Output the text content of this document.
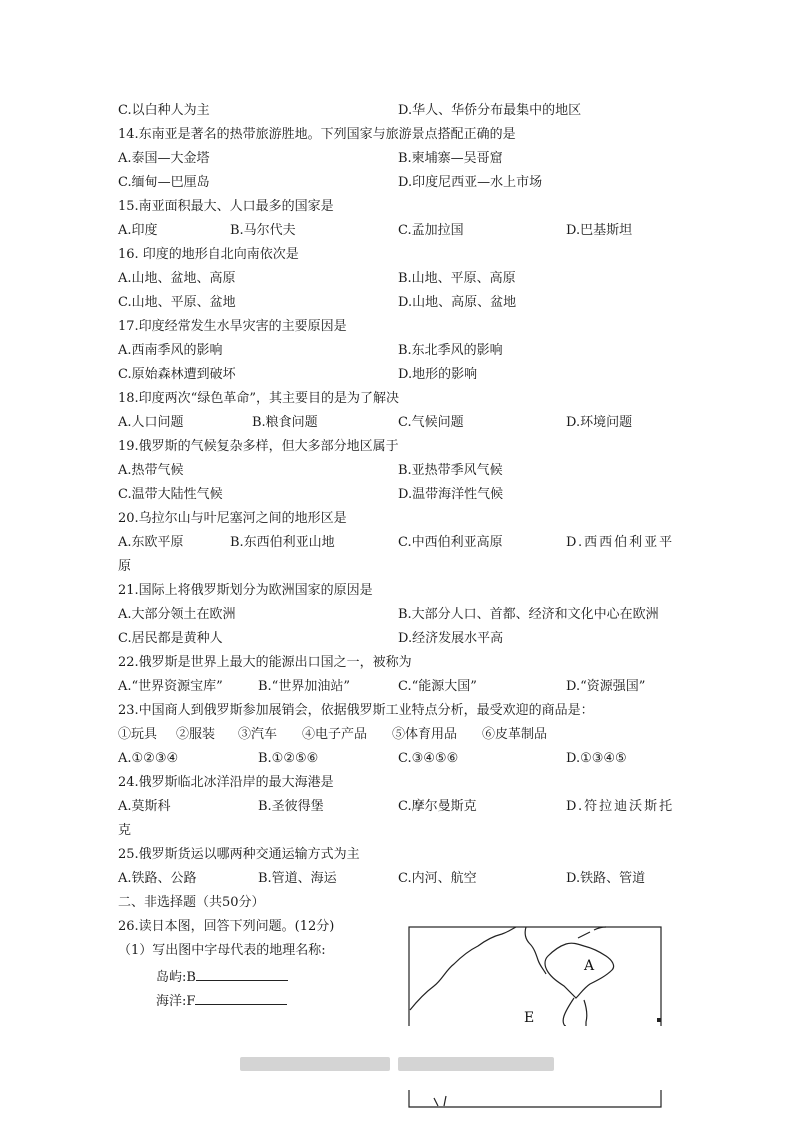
C.以白种人为主	D.华人、华侨分布最集中的地区
14.东南亚是著名的热带旅游胜地。下列国家与旅游景点搭配正确的是
A.泰国—大金塔	B.柬埔寨—吴哥窟
C.缅甸—巴厘岛	D.印度尼西亚—水上市场
15.南亚面积最大、人口最多的国家是
A.印度	B.马尔代夫	C.孟加拉国	D.巴基斯坦
16. 印度的地形自北向南依次是
A.山地、盆地、高原	B.山地、平原、高原
C.山地、平原、盆地	D.山地、高原、盆地
17.印度经常发生水旱灾害的主要原因是
A.西南季风的影响	B.东北季风的影响
C.原始森林遭到破坏	D.地形的影响
18.印度两次“绿色革命”，其主要目的是为了解决
A.人口问题	B.粮食问题	C.气候问题	D.环境问题
19.俄罗斯的气候复杂多样，但大多部分地区属于
A.热带气候	B.亚热带季风气候
C.温带大陆性气候	D.温带海洋性气候
20.乌拉尔山与叶尼塞河之间的地形区是
A.东欧平原	B.东西伯利亚山地	C.中西伯利亚高原	D.西西伯利亚平
原
21.国际上将俄罗斯划分为欧洲国家的原因是
A.大部分领土在欧洲	B.大部分人口、首都、经济和文化中心在欧洲
C.居民都是黄种人	D.经济发展水平高
22.俄罗斯是世界上最大的能源出口国之一，被称为
A.“世界资源宝库”	B.“世界加油站”	C.“能源大国”	D.“资源强国”
23.中国商人到俄罗斯参加展销会，依据俄罗斯工业特点分析，最受欢迎的商品是：
①玩具 ②服装 ③汽车 ④电子产品 ⑤体育用品 ⑥皮革制品
A.①②③④	B.①②⑤⑥	C.③④⑤⑥	D.①③④⑤
24.俄罗斯临北冰洋沿岸的最大海港是
A.莫斯科	B.圣彼得堡	C.摩尔曼斯克	D.符拉迪沃斯托
克
25.俄罗斯货运以哪两种交通运输方式为主
A.铁路、公路	B.管道、海运	C.内河、航空	D.铁路、管道
二、非选择题（共50分）
26.读日本图，回答下列问题。(12分)
（1）写出图中字母代表的地理名称:
岛屿:B
海洋:F
A
E
